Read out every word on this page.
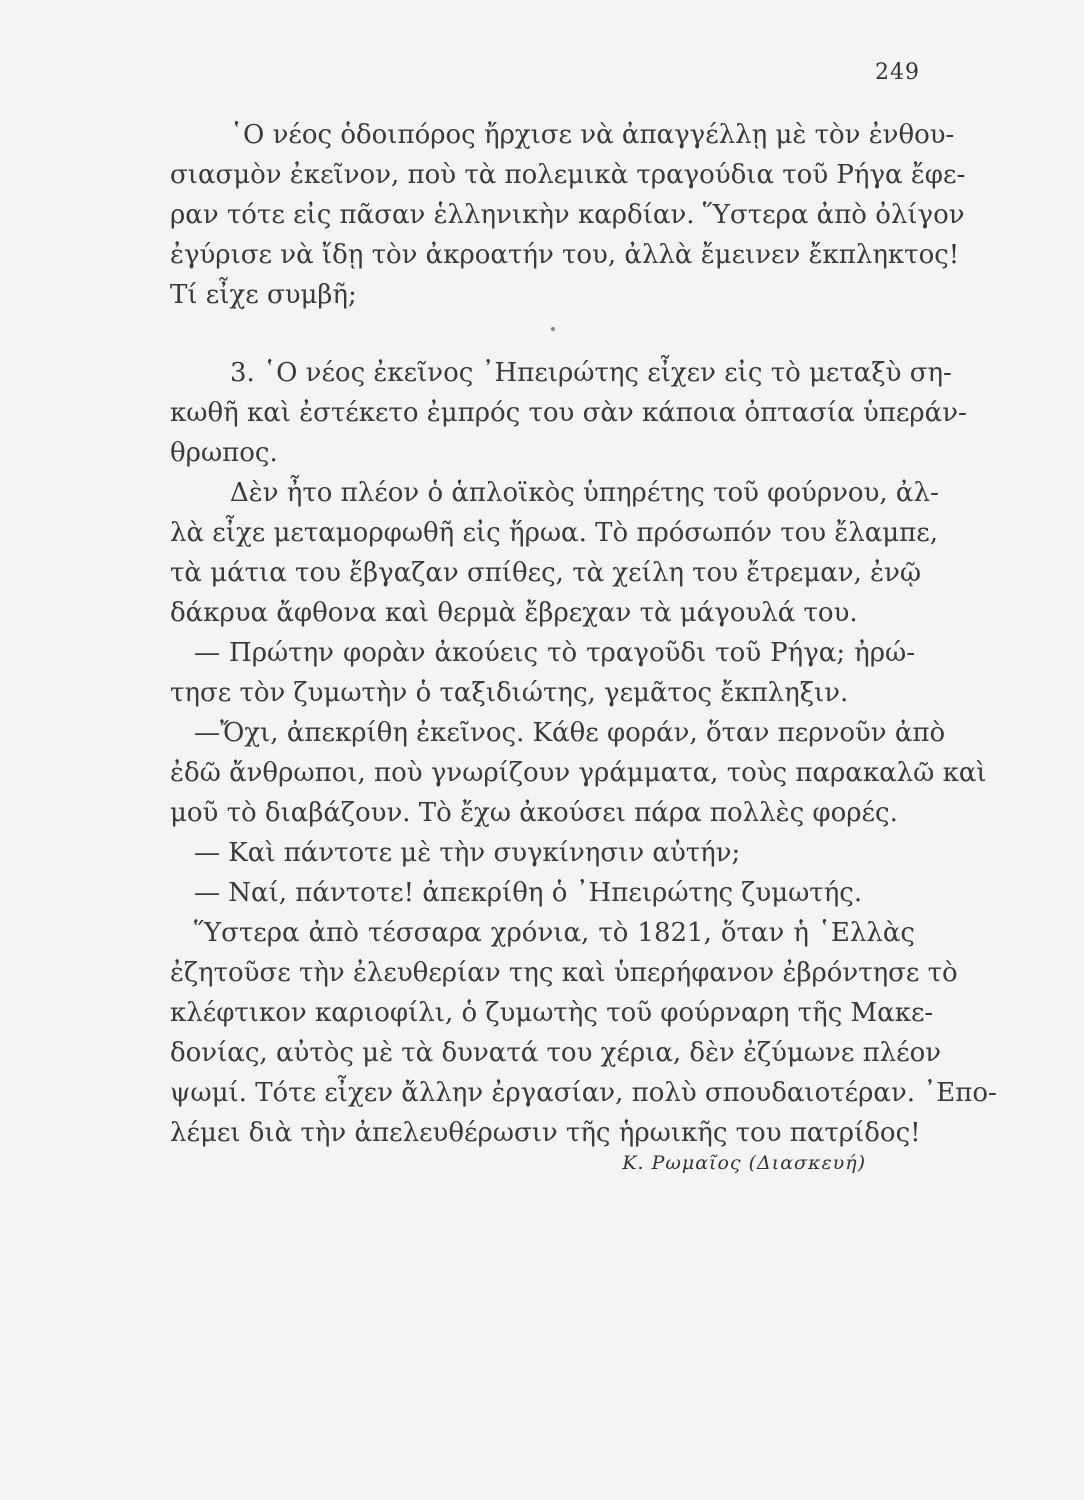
249
῾Ο νέος ὁδοιπόρος ἤρχισε νὰ ἀπαγγέλλῃ μὲ τὸν ἐνθου-
σιασμὸν ἐκεῖνον, ποὺ τὰ πολεμικὰ τραγούδια τοῦ Ρήγα ἔφε-
ραν τότε εἰς πᾶσαν ἑλληνικὴν καρδίαν. Ὕστερα ἀπὸ ὀλίγον
ἐγύρισε νὰ ἴδῃ τὸν ἀκροατήν του, ἀλλὰ ἔμεινεν ἔκπληκτος!
Τί εἶχε συμβῆ;
3. ῾Ο νέος ἐκεῖνος ᾿Ηπειρώτης εἶχεν εἰς τὸ μεταξὺ ση-
κωθῆ καὶ ἐστέκετο ἐμπρός του σὰν κάποια ὀπτασία ὑπεράν-
θρωπος.
Δὲν ἦτο πλέον ὁ ἁπλοϊκὸς ὑπηρέτης τοῦ φούρνου, ἀλ-
λὰ εἶχε μεταμορφωθῆ εἰς ἥρωα. Τὸ πρόσωπόν του ἔλαμπε,
τὰ μάτια του ἔβγαζαν σπίθες, τὰ χείλη του ἔτρεμαν, ἐνῷ
δάκρυα ἄφθονα καὶ θερμὰ ἔβρεχαν τὰ μάγουλά του.
— Πρώτην φορὰν ἀκούεις τὸ τραγοῦδι τοῦ Ρήγα; ἠρώ-
τησε τὸν ζυμωτὴν ὁ ταξιδιώτης, γεμᾶτος ἔκπληξιν.
—Ὄχι, ἀπεκρίθη ἐκεῖνος. Κάθε φοράν, ὅταν περνοῦν ἀπὸ
ἐδῶ ἄνθρωποι, ποὺ γνωρίζουν γράμματα, τοὺς παρακαλῶ καὶ
μοῦ τὸ διαβάζουν. Τὸ ἔχω ἀκούσει πάρα πολλὲς φορές.
— Καὶ πάντοτε μὲ τὴν συγκίνησιν αὐτήν;
— Ναί, πάντοτε! ἀπεκρίθη ὁ ᾿Ηπειρώτης ζυμωτής.
Ὕστερα ἀπὸ τέσσαρα χρόνια, τὸ 1821, ὅταν ἡ ῾Ελλὰς
ἐζητοῦσε τὴν ἐλευθερίαν της καὶ ὑπερήφανον ἐβρόντησε τὸ
κλέφτικον καριοφίλι, ὁ ζυμωτὴς τοῦ φούρναρη τῆς Μακε-
δονίας, αὐτὸς μὲ τὰ δυνατά του χέρια, δὲν ἐζύμωνε πλέον
ψωμί. Τότε εἶχεν ἄλλην ἐργασίαν, πολὺ σπουδαιοτέραν. ᾿Επο-
λέμει διὰ τὴν ἀπελευθέρωσιν τῆς ἡρωικῆς του πατρίδος!
Κ. Ρωμαῖος (Διασκευή)
